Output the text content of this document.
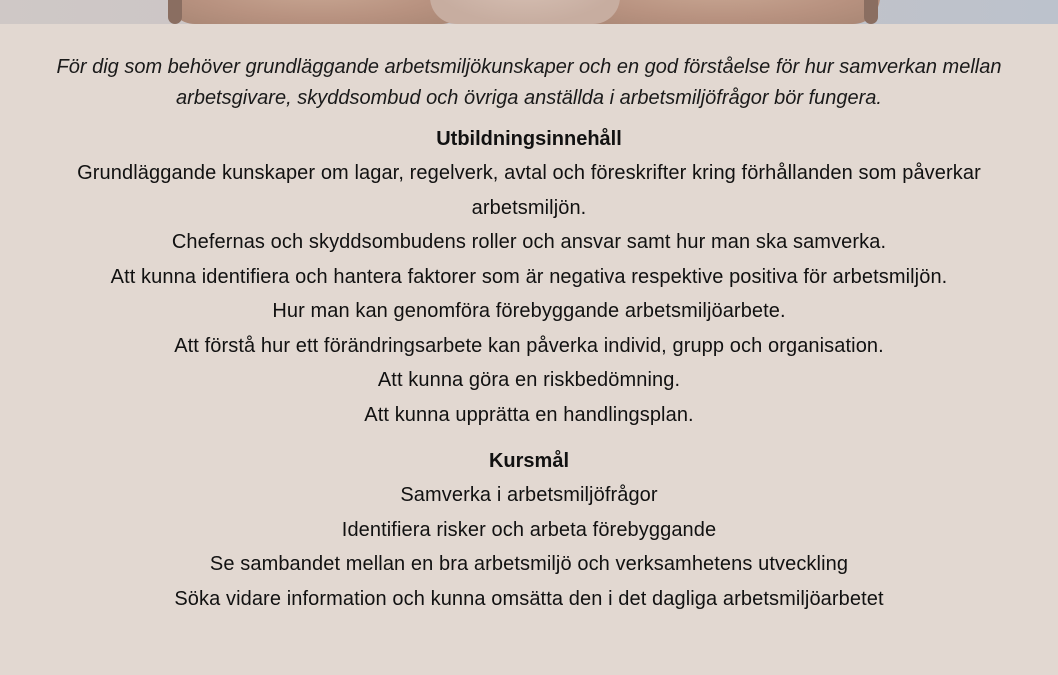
För dig som behöver grundläggande arbetsmiljökunskaper och en god förståelse för hur samverkan mellan arbetsgivare, skyddsombud och övriga anställda i arbetsmiljöfrågor bör fungera.

Utbildningsinnehåll
Grundläggande kunskaper om lagar, regelverk, avtal och föreskrifter kring förhållanden som påverkar arbetsmiljön.
Chefernas och skyddsombudens roller och ansvar samt hur man ska samverka.
Att kunna identifiera och hantera faktorer som är negativa respektive positiva för arbetsmiljön.
Hur man kan genomföra förebyggande arbetsmiljöarbete.
Att förstå hur ett förändringsarbete kan påverka individ, grupp och organisation.
Att kunna göra en riskbedömning.
Att kunna upprätta en handlingsplan.
Kursmål
Samverka i arbetsmiljöfrågor
Identifiera risker och arbeta förebyggande
Se sambandet mellan en bra arbetsmiljö och verksamhetens utveckling
Söka vidare information och kunna omsätta den i det dagliga arbetsmiljöarbetet
